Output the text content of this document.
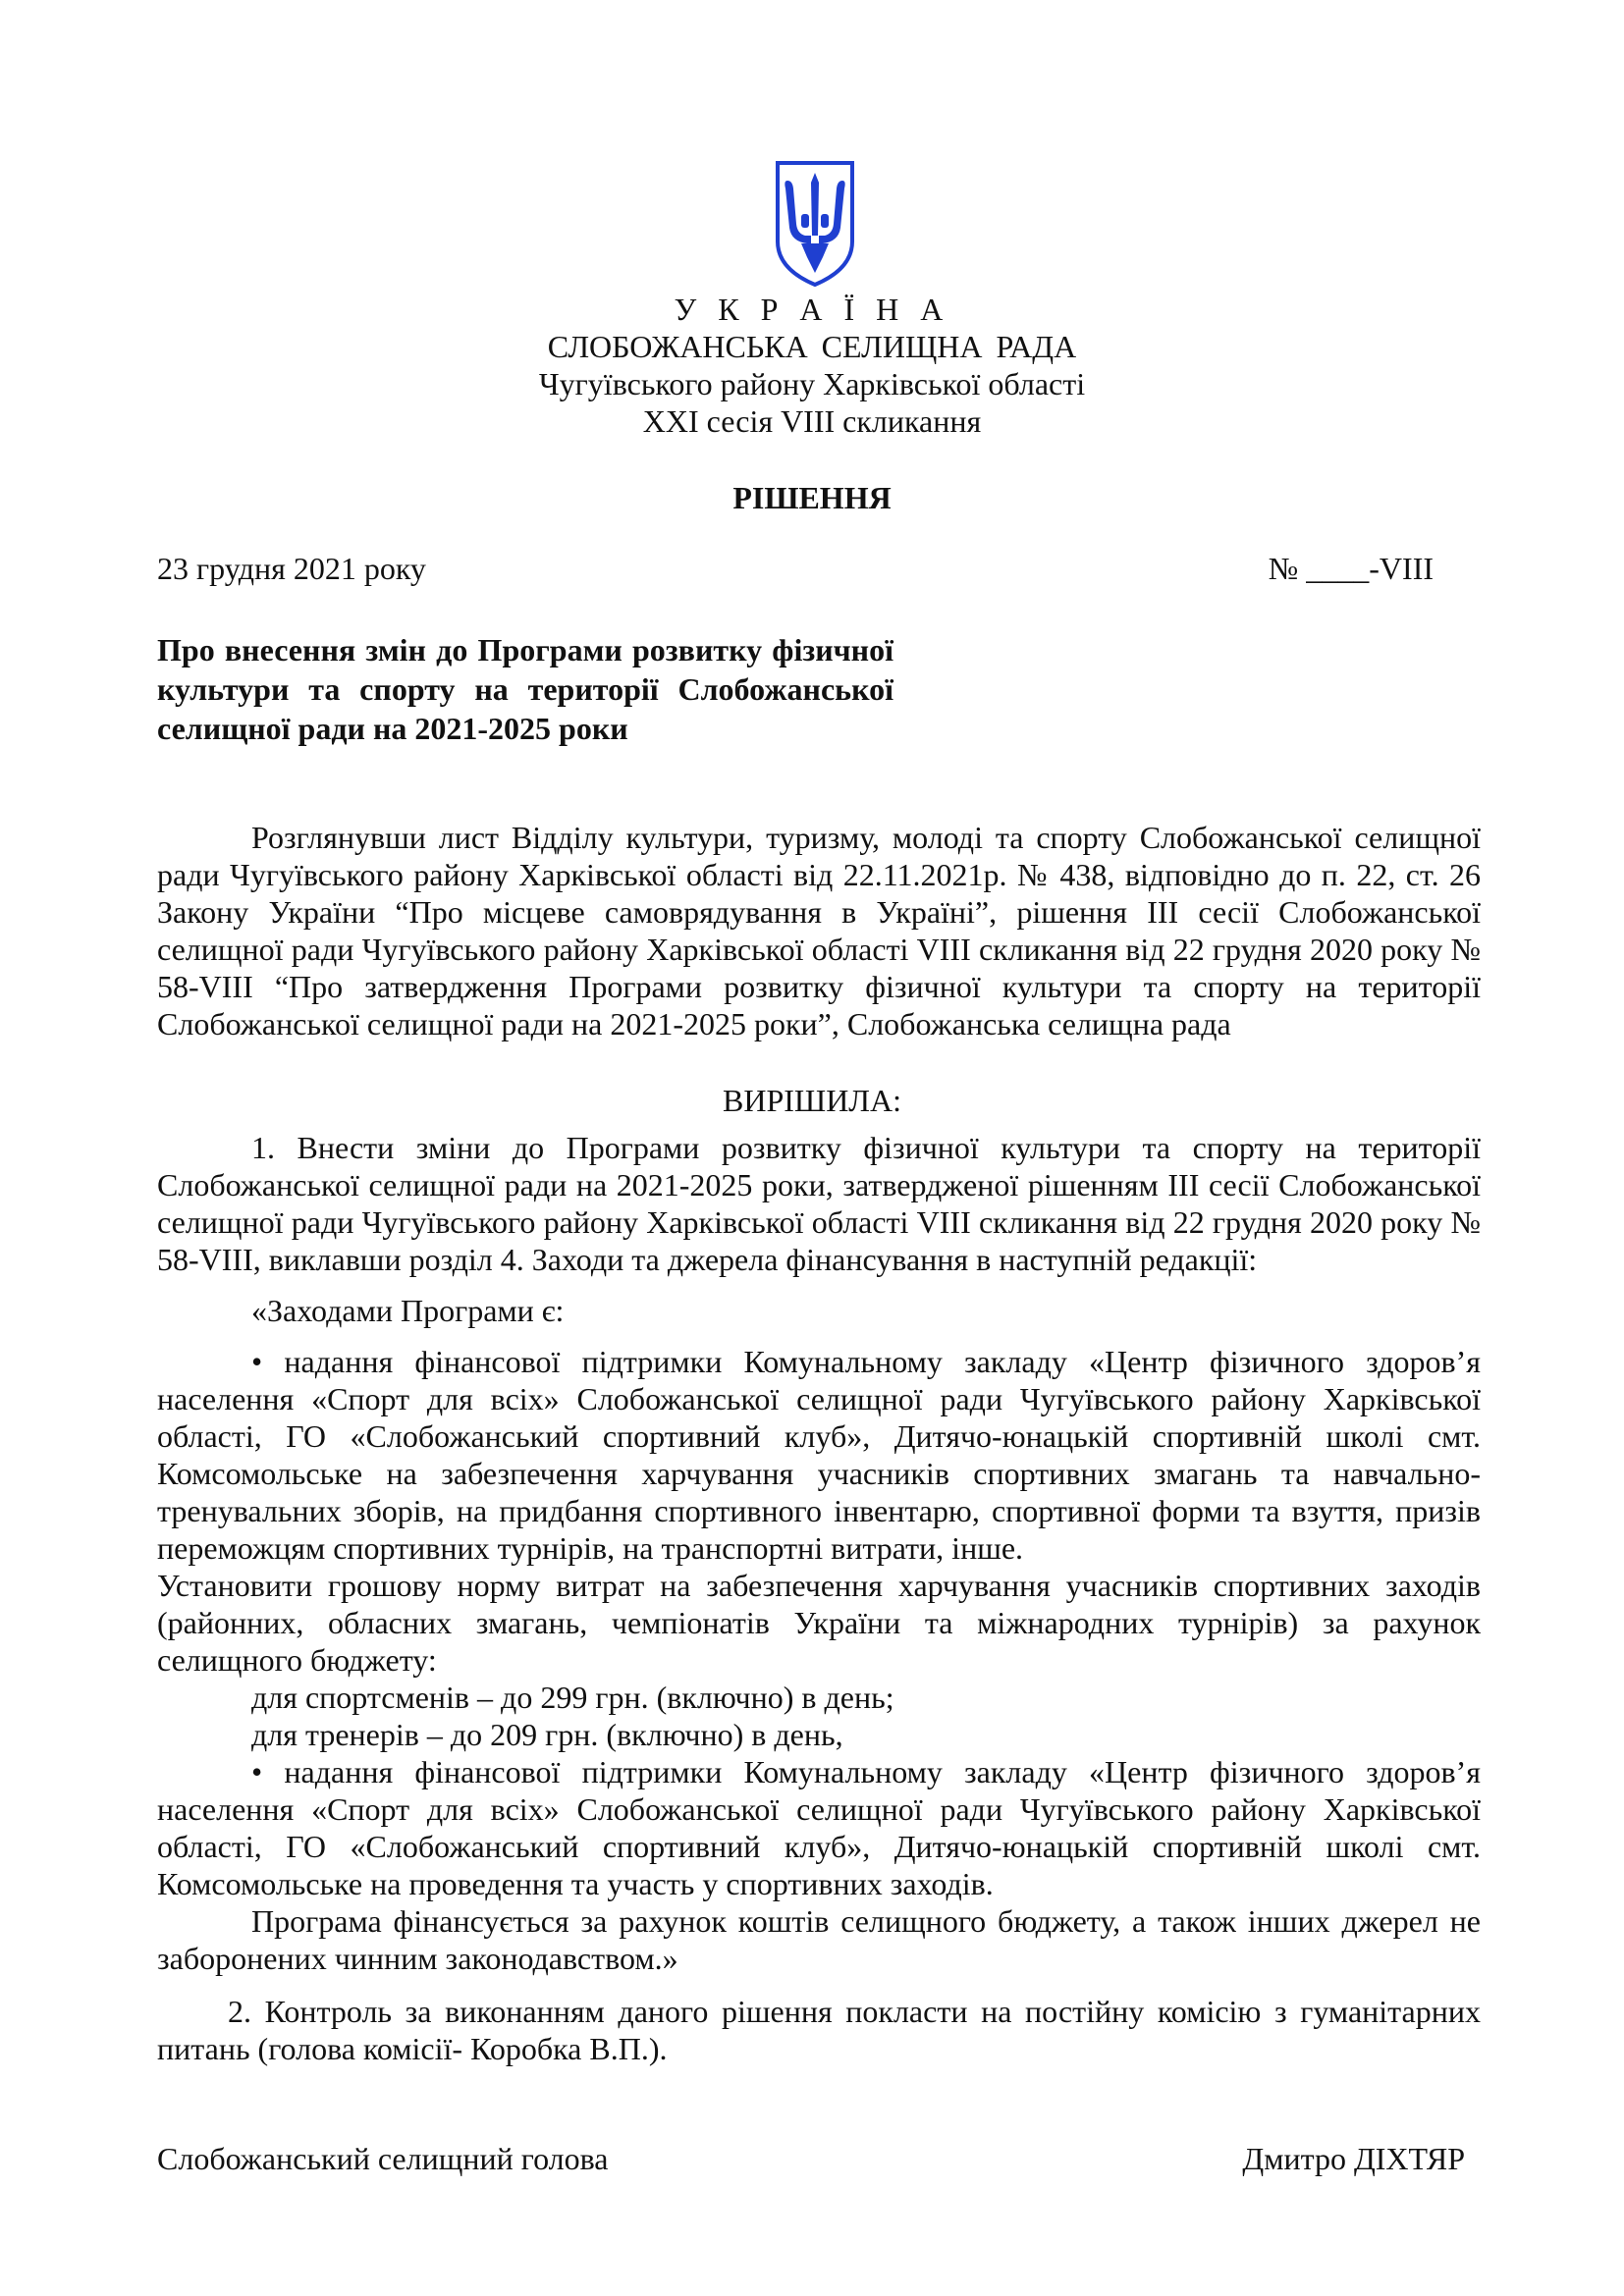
У К Р А Ї Н А
СЛОБОЖАНСЬКА СЕЛИЩНА РАДА
Чугуївського району Харківської області
XXI сесія VIII скликання
РІШЕННЯ
23 грудня 2021 року	№ ____-VIII
Про внесення змін до Програми розвитку фізичної культури та спорту на території Слобожанської селищної ради на 2021-2025 роки

Розглянувши лист Відділу культури, туризму, молоді та спорту Слобожанської селищної ради Чугуївського району Харківської області від 22.11.2021р. № 438, відповідно до п. 22, ст. 26 Закону України “Про місцеве самоврядування в Україні”, рішення ІІІ сесії Слобожанської селищної ради Чугуївського району Харківської області VIII скликання від 22 грудня 2020 року № 58-VIII “Про затвердження Програми розвитку фізичної культури та спорту на території Слобожанської селищної ради на 2021-2025 роки”, Слобожанська селищна рада

ВИРІШИЛА:

1. Внести зміни до Програми розвитку фізичної культури та спорту на території Слобожанської селищної ради на 2021-2025 роки, затвердженої рішенням ІІІ сесії Слобожанської селищної ради Чугуївського району Харківської області VIII скликання від 22 грудня 2020 року № 58-VIII, виклавши розділ 4. Заходи та джерела фінансування в наступній редакції:

«Заходами Програми є:

• надання фінансової підтримки Комунальному закладу «Центр фізичного здоров’я населення «Спорт для всіх» Слобожанської селищної ради Чугуївського району Харківської області, ГО «Слобожанський спортивний клуб», Дитячо-юнацькій спортивній школі смт. Комсомольське на забезпечення харчування учасників спортивних змагань та навчально-тренувальних зборів, на придбання спортивного інвентарю, спортивної форми та взуття, призів переможцям спортивних турнірів, на транспортні витрати, інше.

Установити грошову норму витрат на забезпечення харчування учасників спортивних заходів (районних, обласних змагань, чемпіонатів України та міжнародних турнірів) за рахунок селищного бюджету:

для спортсменів – до 299 грн. (включно) в день;

для тренерів – до 209 грн. (включно) в день,

• надання фінансової підтримки Комунальному закладу «Центр фізичного здоров’я населення «Спорт для всіх» Слобожанської селищної ради Чугуївського району Харківської області, ГО «Слобожанський спортивний клуб», Дитячо-юнацькій спортивній школі смт. Комсомольське на проведення та участь у спортивних заходів.

Програма фінансується за рахунок коштів селищного бюджету, а також інших джерел не заборонених чинним законодавством.»

2. Контроль за виконанням даного рішення покласти на постійну комісію з гуманітарних питань (голова комісії- Коробка В.П.).

Слобожанський селищний голова	Дмитро ДІХТЯР
